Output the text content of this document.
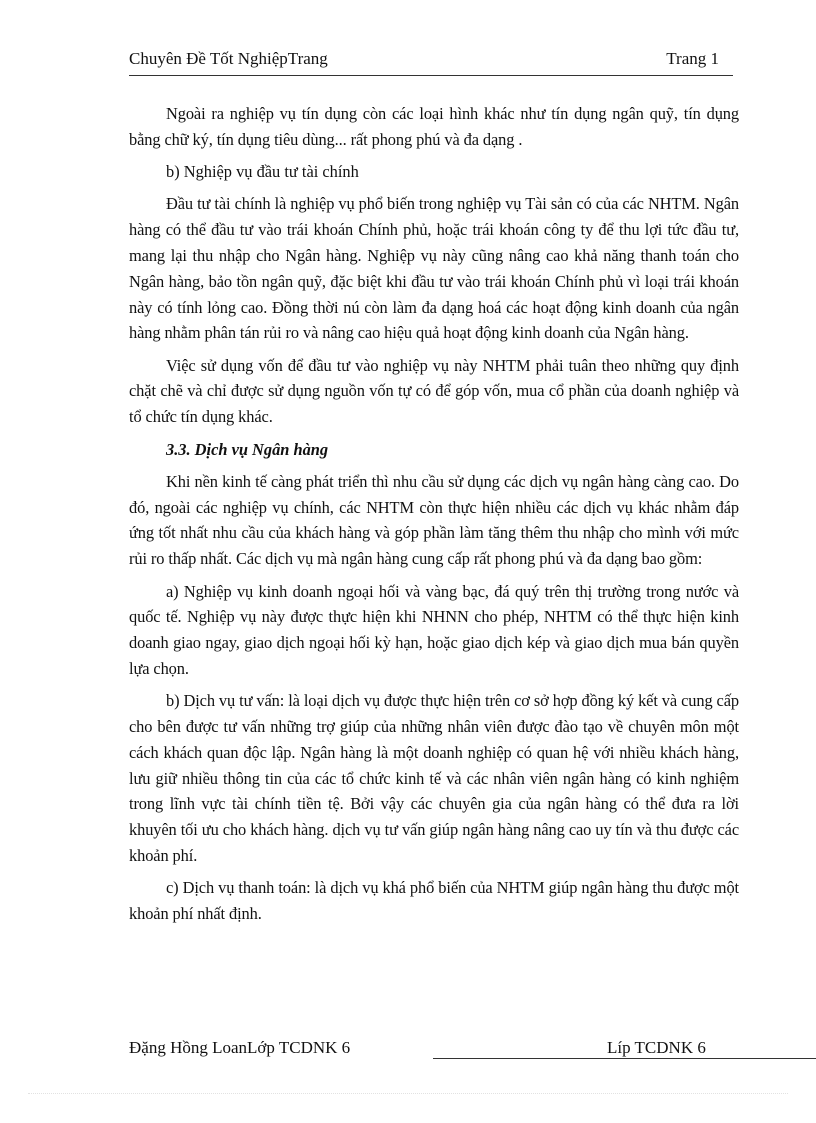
Chuyên Đề Tốt NghiệpTrang	Trang 1

Ngoài ra nghiệp vụ tín dụng còn các loại hình khác như tín dụng ngân quỹ, tín dụng bằng chữ ký, tín dụng tiêu dùng... rất phong phú và đa dạng .

b) Nghiệp vụ đầu tư tài chính

Đầu tư tài chính là nghiệp vụ phổ biến trong nghiệp vụ Tài sản có của các NHTM. Ngân hàng có thể đầu tư vào trái khoán Chính phủ, hoặc trái khoán công ty để thu lợi tức đầu tư, mang lại thu nhập cho Ngân hàng. Nghiệp vụ này cũng nâng cao khả năng thanh toán cho Ngân hàng, bảo tồn ngân quỹ, đặc biệt khi đầu tư vào trái khoán Chính phủ vì loại trái khoán này có tính lỏng cao. Đồng thời nú còn làm đa dạng hoá các hoạt động kinh doanh của ngân hàng nhằm phân tán rủi ro và nâng cao hiệu quả hoạt động kinh doanh của Ngân hàng.

Việc sử dụng vốn để đầu tư vào nghiệp vụ này NHTM phải tuân theo những quy định chặt chẽ và chỉ được sử dụng nguồn vốn tự có để góp vốn, mua cổ phần của doanh nghiệp và tổ chức tín dụng khác.

3.3. Dịch vụ Ngân hàng

Khi nền kinh tế càng phát triển thì nhu cầu sử dụng các dịch vụ ngân hàng càng cao. Do đó, ngoài các nghiệp vụ chính, các NHTM còn thực hiện nhiều các dịch vụ khác nhằm đáp ứng tốt nhất nhu cầu của khách hàng và góp phần làm tăng thêm thu nhập cho mình với mức rủi ro thấp nhất. Các dịch vụ mà ngân hàng cung cấp rất phong phú và đa dạng bao gồm:

a) Nghiệp vụ kinh doanh ngoại hối và vàng bạc, đá quý trên thị trường trong nước và quốc tế. Nghiệp vụ này được thực hiện khi NHNN cho phép, NHTM có thể thực hiện kinh doanh giao ngay, giao dịch ngoại hối kỳ hạn, hoặc giao dịch kép và giao dịch mua bán quyền lựa chọn.

b) Dịch vụ tư vấn: là loại dịch vụ được thực hiện trên cơ sở hợp đồng ký kết và cung cấp cho bên được tư vấn những trợ giúp của những nhân viên được đào tạo về chuyên môn một cách khách quan độc lập. Ngân hàng là một doanh nghiệp có quan hệ với nhiều khách hàng, lưu giữ nhiều thông tin của các tổ chức kinh tế và các nhân viên ngân hàng có kinh nghiệm trong lĩnh vực tài chính tiền tệ. Bởi vậy các chuyên gia của ngân hàng có thể đưa ra lời khuyên tối ưu cho khách hàng. dịch vụ tư vấn giúp ngân hàng nâng cao uy tín và thu được các khoản phí.

c) Dịch vụ thanh toán: là dịch vụ khá phổ biến của NHTM giúp ngân hàng thu được một khoản phí nhất định.

Đặng Hồng LoanLớp TCDNK 6	Líp TCDNK 6
